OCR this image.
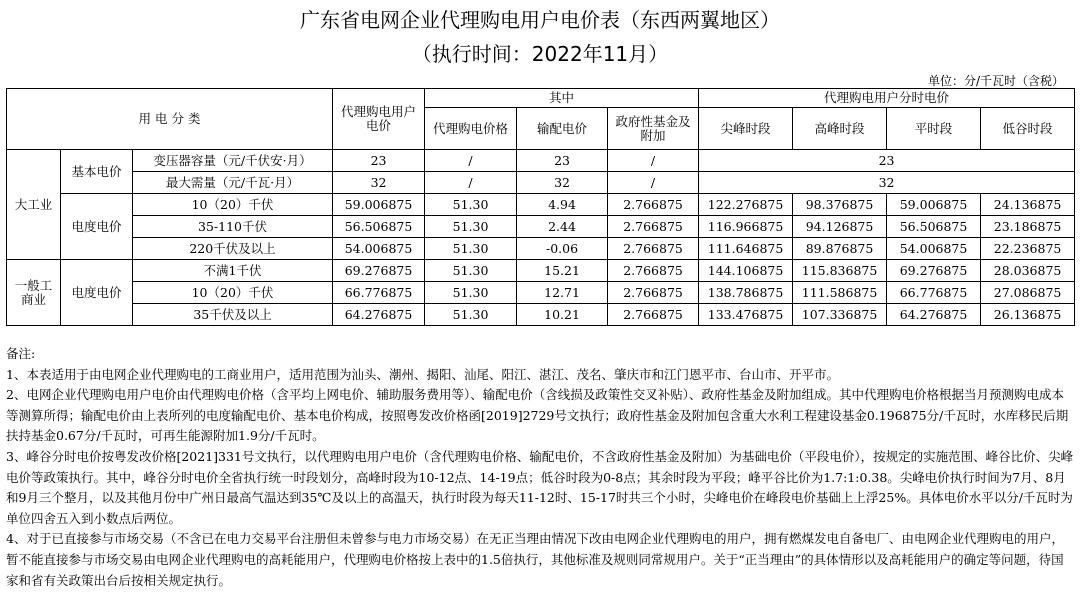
广东省电网企业代理购电用户电价表（东西两翼地区）
（执行时间：2022年11月）
单位：分/千瓦时（含税）
用 电 分 类			代理购电用户电价	其中			代理购电用户分时电价			
				代理购电价格	输配电价	政府性基金及附加	尖峰时段	高峰时段	平时段	低谷时段
大工业	基本电价	变压器容量（元/千伏安·月）	23	/	23	/	23			
		最大需量（元/千瓦·月）	32	/	32	/	32			
	电度电价	10（20）千伏	59.006875	51.30	4.94	2.766875	122.276875	98.376875	59.006875	24.136875
		35-110千伏	56.506875	51.30	2.44	2.766875	116.966875	94.126875	56.506875	23.186875
		220千伏及以上	54.006875	51.30	-0.06	2.766875	111.646875	89.876875	54.006875	22.236875
一般工商业	电度电价	不满1千伏	69.276875	51.30	15.21	2.766875	144.106875	115.836875	69.276875	28.036875
		10（20）千伏	66.776875	51.30	12.71	2.766875	138.786875	111.586875	66.776875	27.086875
		35千伏及以上	64.276875	51.30	10.21	2.766875	133.476875	107.336875	64.276875	26.136875

备注:

1、本表适用于由电网企业代理购电的工商业用户，适用范围为汕头、潮州、揭阳、汕尾、阳江、湛江、茂名、肇庆市和江门恩平市、台山市、开平市。

2、电网企业代理购电用户电价由代理购电价格（含平均上网电价、辅助服务费用等）、输配电价（含线损及政策性交叉补贴）、政府性基金及附加组成。其中代理购电价格根据当月预测购电成本等测算所得；输配电价由上表所列的电度输配电价、基本电价构成，按照粤发改价格函[2019]2729号文执行；政府性基金及附加包含重大水利工程建设基金0.196875分/千瓦时，水库移民后期扶持基金0.67分/千瓦时，可再生能源附加1.9分/千瓦时。

3、峰谷分时电价按粤发改价格[2021]331号文执行，以代理购电用户电价（含代理购电价格、输配电价，不含政府性基金及附加）为基础电价（平段电价），按规定的实施范围、峰谷比价、尖峰电价等政策执行。其中，峰谷分时电价全省执行统一时段划分，高峰时段为10-12点、14-19点；低谷时段为0-8点；其余时段为平段；峰平谷比价为1.7:1:0.38。尖峰电价执行时间为7月、8月和9月三个整月，以及其他月份中广州日最高气温达到35℃及以上的高温天，执行时段为每天11-12时、15-17时共三个小时，尖峰电价在峰段电价基础上上浮25%。具体电价水平以分/千瓦时为单位四舍五入到小数点后两位。

4、对于已直接参与市场交易（不含已在电力交易平台注册但未曾参与电力市场交易）在无正当理由情况下改由电网企业代理购电的用户，拥有燃煤发电自备电厂、由电网企业代理购电的用户，暂不能直接参与市场交易由电网企业代理购电的高耗能用户，代理购电价格按上表中的1.5倍执行，其他标准及规则同常规用户。关于“正当理由”的具体情形以及高耗能用户的确定等问题，待国家和省有关政策出台后按相关规定执行。
